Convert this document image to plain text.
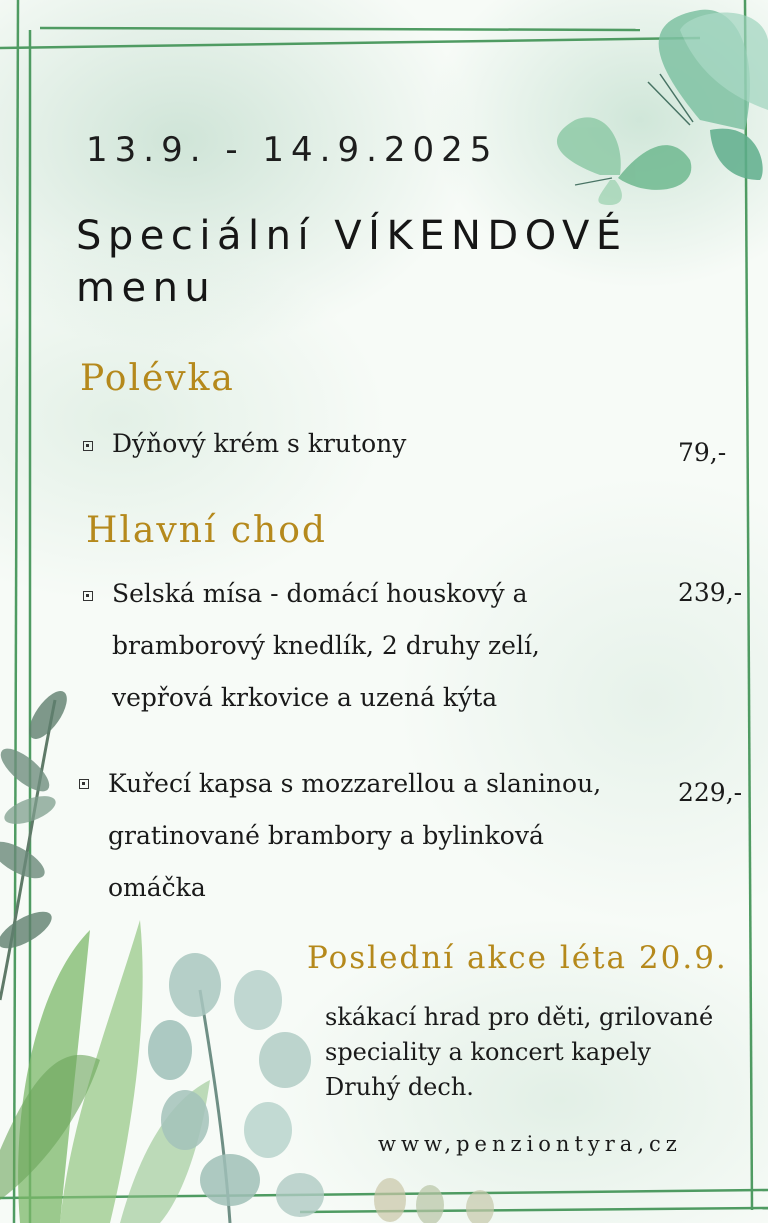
13.9. - 14.9.2025
Speciální VÍKENDOVÉ menu
Polévka
Dýňový krém s krutony	79,-
Hlavní chod
Selská mísa - domácí houskový a
bramborový knedlík, 2 druhy zelí,
vepřová krkovice a uzená kýta
239,-
Kuřecí kapsa s mozzarellou a slaninou,
gratinované brambory a bylinková
omáčka
229,-
Poslední akce léta 20.9.
skákací hrad pro děti, grilované
speciality a koncert kapely
Druhý dech.
www,penziontyra,cz
